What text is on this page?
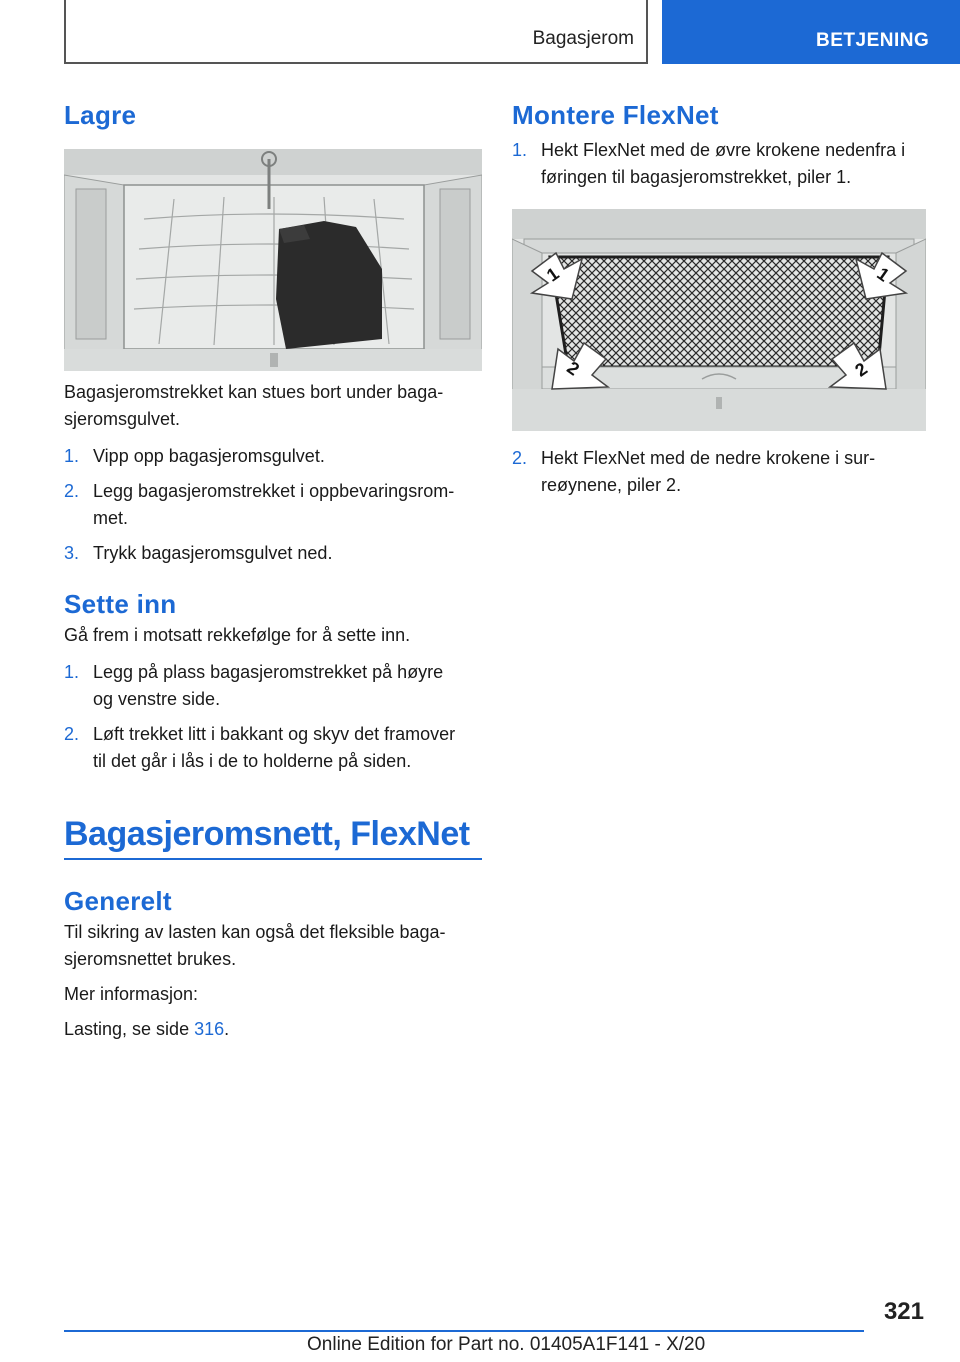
Bagasjerom	BETJENING
Lagre

Bagasjeromstrekket kan stues bort under baga-

sjeromsgulvet.

1. Vipp opp bagasjeromsgulvet.
2. Legg bagasjeromstrekket i oppbevaringsrom-
met.
3. Trykk bagasjeromsgulvet ned.
Sette inn

Gå frem i motsatt rekkefølge for å sette inn.

1. Legg på plass bagasjeromstrekket på høyre
og venstre side.
2. Løft trekket litt i bakkant og skyv det framover
til det går i lås i de to holderne på siden.
Bagasjeromsnett, FlexNet
Generelt

Til sikring av lasten kan også det fleksible baga-

sjeromsnettet brukes.

Mer informasjon:

Lasting, se side 316.

Montere FlexNet
1. Hekt FlexNet med de øvre krokene nedenfra i
føringen til bagasjeromstrekket, piler 1.
1	1
2	2
2. Hekt FlexNet med de nedre krokene i sur-
reøynene, piler 2.
321
Online Edition for Part no. 01405A1F141 - X/20
